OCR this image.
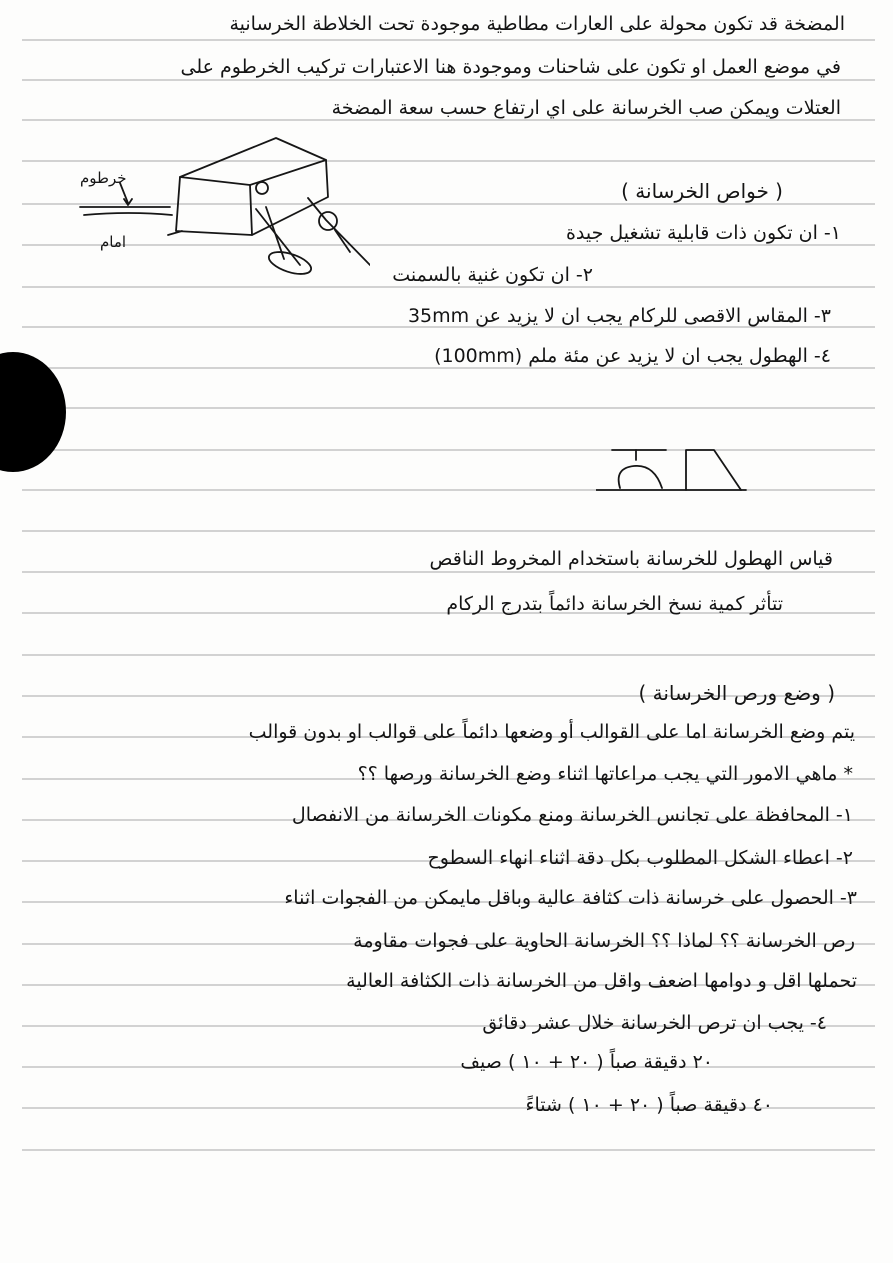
المضخة قد تكون محولة على العارات مطاطية موجودة تحت الخلاطة الخرسانية
في موضع العمل او تكون على شاحنات وموجودة هنا الاعتبارات تركيب الخرطوم على
العتلات ويمكن صب الخرسانة على اي ارتفاع حسب سعة المضخة
خرطوم
امام
( خواص الخرسانة )
١- ان تكون ذات قابلية تشغيل جيدة
٢- ان تكون غنية بالسمنت
٣- المقاس الاقصى للركام يجب ان لا يزيد عن 35mm
٤- الهطول يجب ان لا يزيد عن مئة ملم (100mm)
قياس الهطول للخرسانة باستخدام المخروط الناقص
تتأثر كمية نسخ الخرسانة دائماً بتدرج الركام
( وضع ورص الخرسانة )
يتم وضع الخرسانة اما على القوالب أو وضعها دائماً على قوالب او بدون قوالب
* ماهي الامور التي يجب مراعاتها اثناء وضع الخرسانة ورصها ؟؟
١- المحافظة على تجانس الخرسانة ومنع مكونات الخرسانة من الانفصال
٢- اعطاء الشكل المطلوب بكل دقة اثناء انهاء السطوح
٣- الحصول على خرسانة ذات كثافة عالية وباقل مايمكن من الفجوات اثناء
رص الخرسانة ؟؟ لماذا ؟؟ الخرسانة الحاوية على فجوات مقاومة
تحملها اقل و دوامها اضعف واقل من الخرسانة ذات الكثافة العالية
٤- يجب ان ترص الخرسانة خلال عشر دقائق
٢٠ دقيقة صباً ( ٢٠ + ١٠ ) صيف
٤٠ دقيقة صباً ( ٢٠ + ١٠ ) شتاءً
